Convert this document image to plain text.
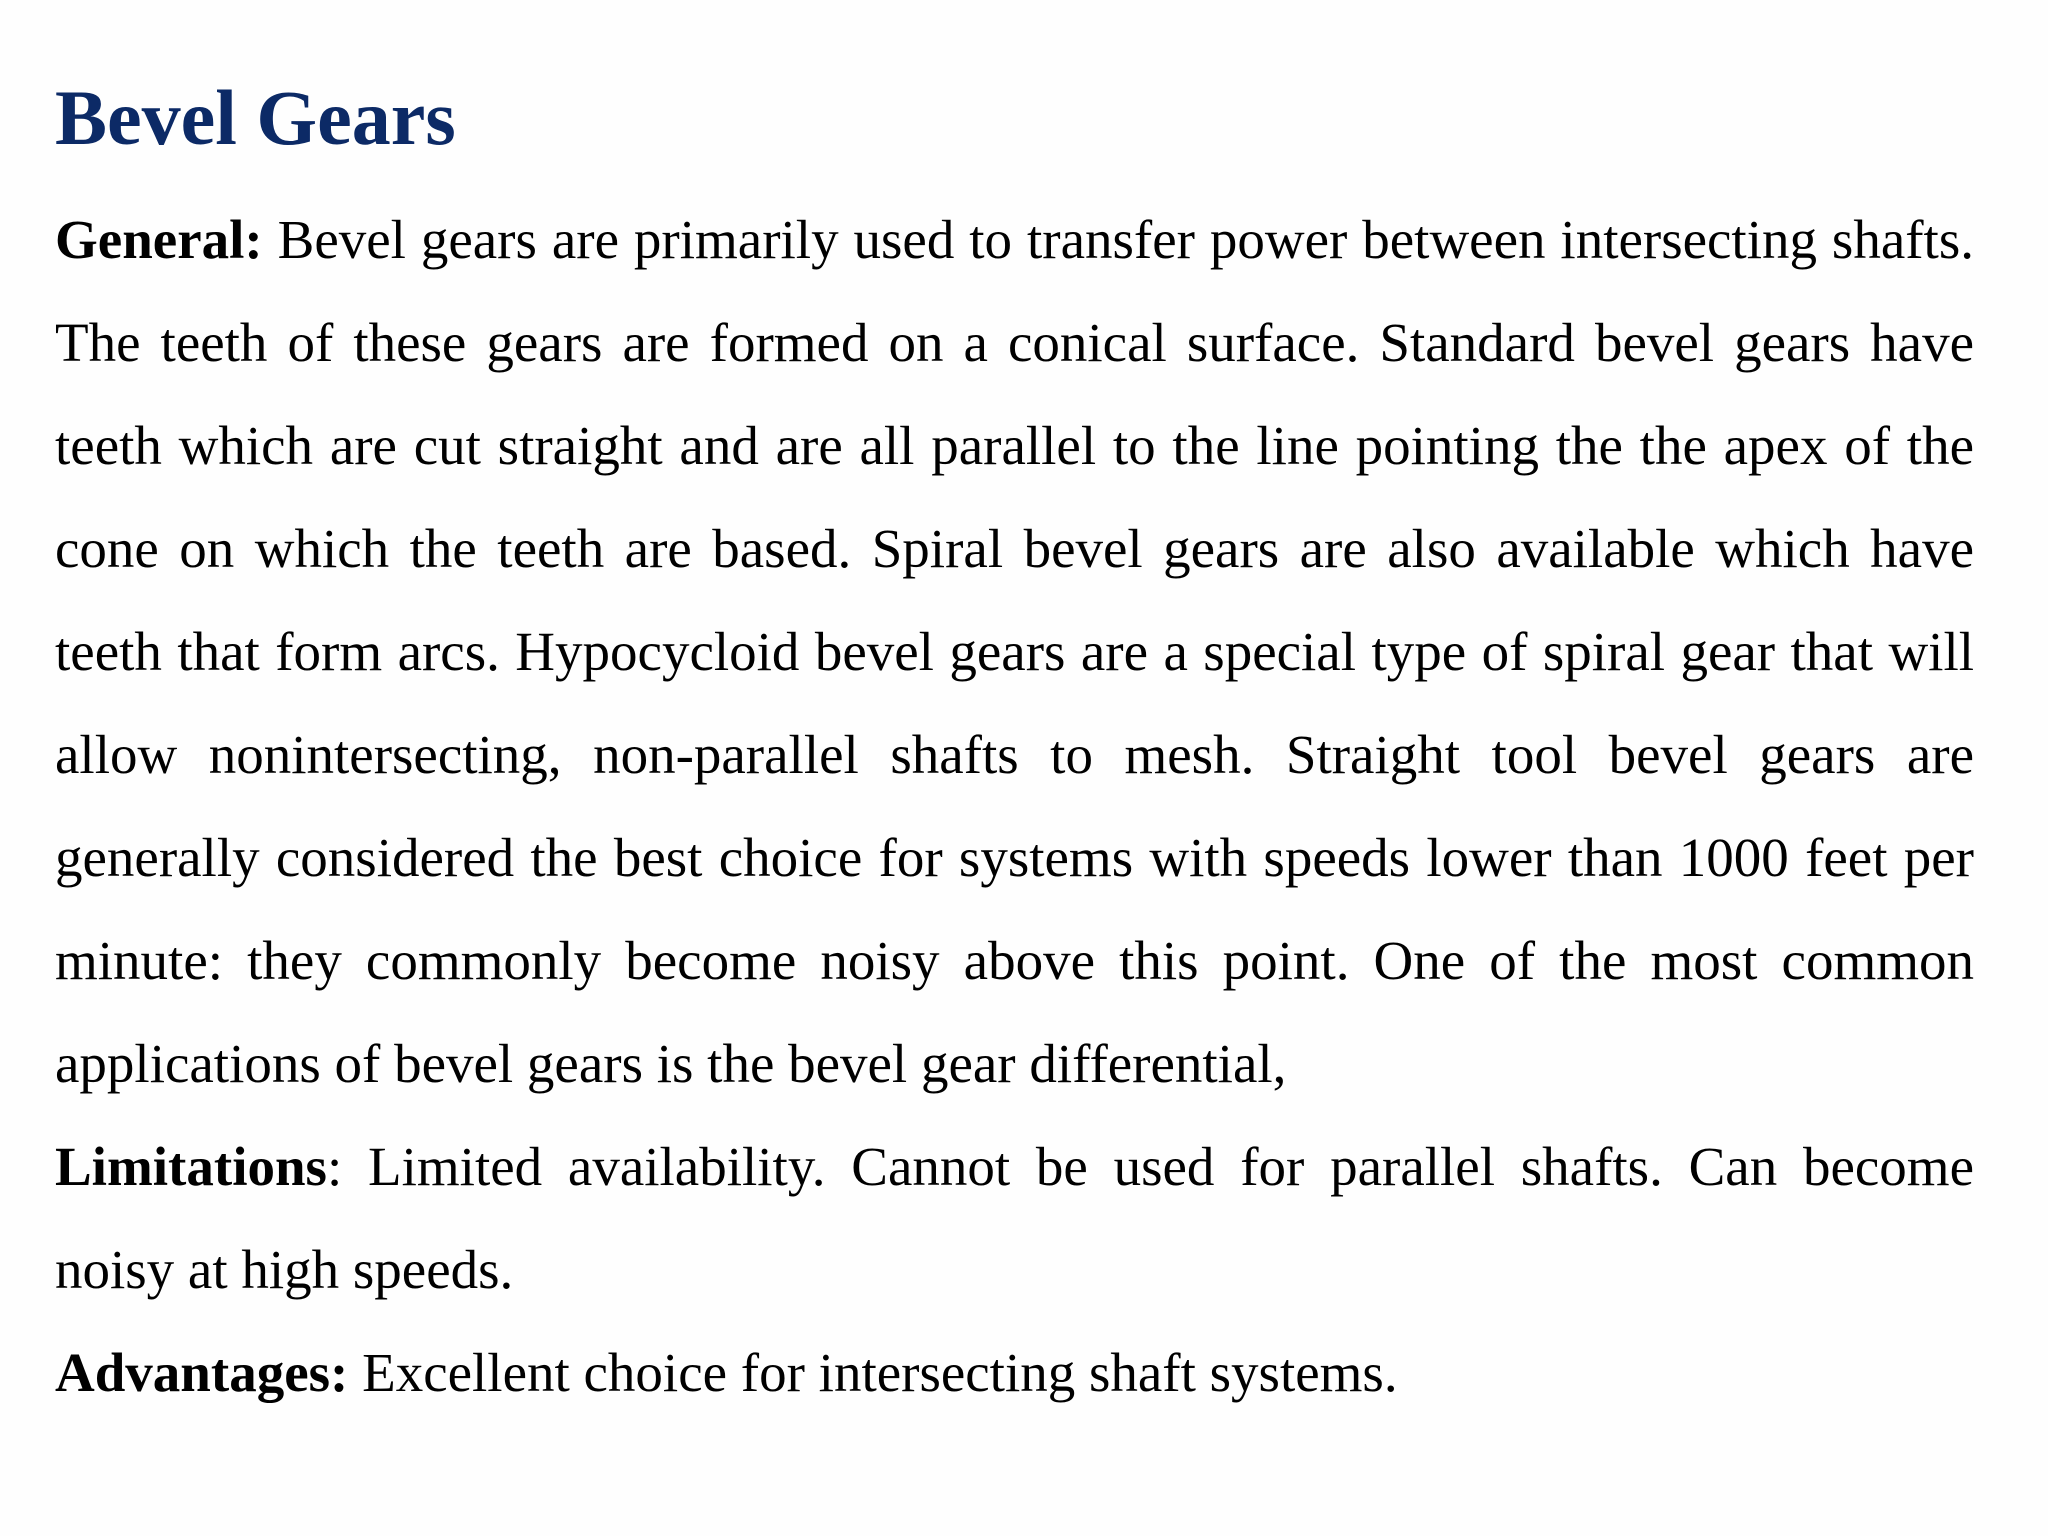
Bevel Gears

General: Bevel gears are primarily used to transfer power between intersecting shafts. The teeth of these gears are formed on a conical surface. Standard bevel gears have teeth which are cut straight and are all parallel to the line pointing the the apex of the cone on which the teeth are based. Spiral bevel gears are also available which have teeth that form arcs. Hypocycloid bevel gears are a special type of spiral gear that will allow nonintersecting, non-parallel shafts to mesh. Straight tool bevel gears are generally considered the best choice for systems with speeds lower than 1000 feet per minute: they commonly become noisy above this point. One of the most common applications of bevel gears is the bevel gear differential,

Limitations: Limited availability. Cannot be used for parallel shafts. Can become noisy at high speeds.

Advantages: Excellent choice for intersecting shaft systems.
